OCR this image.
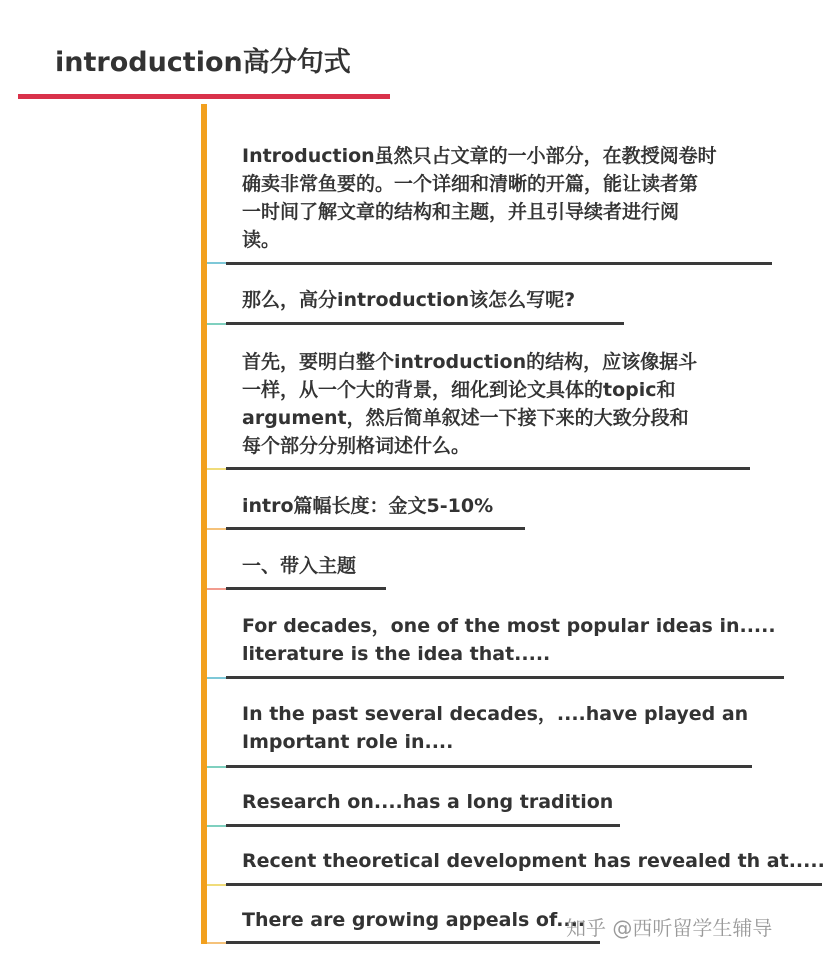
introduction高分句式
Introduction虽然只占文章的一小部分，在教授阅卷时
确卖非常鱼要的。一个详细和清晰的开篇，能让读者第
一时间了解文章的结构和主题，并且引导续者进行阅
读。
那么，高分introduction该怎么写呢?
首先，要明白整个introduction的结构，应该像据斗
一样，从一个大的背景，细化到论文具体的topic和
argument，然后简单叙述一下接下来的大致分段和
每个部分分别格词述什么。
intro篇幅长度：金文5-10%
一、带入主题
For decades，one of the most popular ideas in.....
literature is the idea that.....
In the past several decades，....have played an
Important role in....
Research on....has a long tradition
Recent theoretical development has revealed th at.....
There are growing appeals of....
知乎 @西听留学生辅导
